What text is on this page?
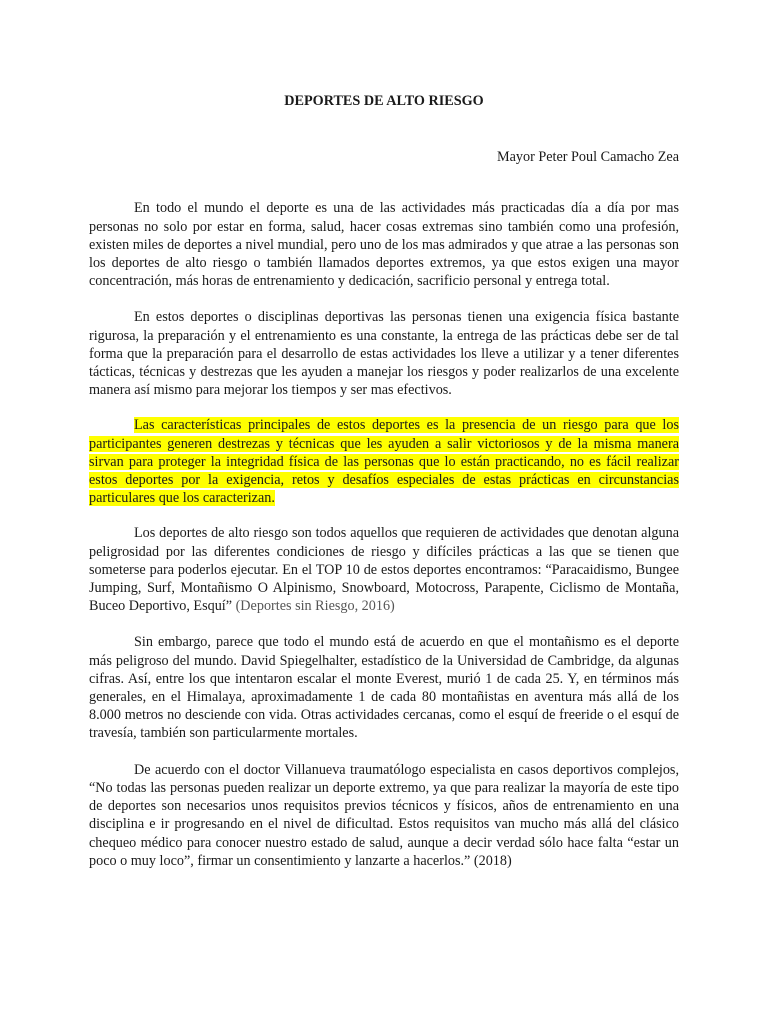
DEPORTES DE ALTO RIESGO

Mayor Peter Poul Camacho Zea

En todo el mundo el deporte es una de las actividades más practicadas día a día por mas personas no solo por estar en forma, salud, hacer cosas extremas sino también como una profesión, existen miles de deportes a nivel mundial, pero uno de los mas admirados y que atrae a las personas son los deportes de alto riesgo o también llamados deportes extremos, ya que estos exigen una mayor concentración, más horas de entrenamiento y dedicación, sacrificio personal y entrega total.

En estos deportes o disciplinas deportivas las personas tienen una exigencia física bastante rigurosa, la preparación y el entrenamiento es una constante, la entrega de las prácticas debe ser de tal forma que la preparación para el desarrollo de estas actividades los lleve a utilizar y a tener diferentes tácticas, técnicas y destrezas que les ayuden a manejar los riesgos y poder realizarlos de una excelente manera así mismo para mejorar los tiempos y ser mas efectivos.

Las características principales de estos deportes es la presencia de un riesgo para que los participantes generen destrezas y técnicas que les ayuden a salir victoriosos y de la misma manera sirvan para proteger la integridad física de las personas que lo están practicando, no es fácil realizar estos deportes por la exigencia, retos y desafíos especiales de estas prácticas en circunstancias particulares que los caracterizan.

Los deportes de alto riesgo son todos aquellos que requieren de actividades que denotan alguna peligrosidad por las diferentes condiciones de riesgo y difíciles prácticas a las que se tienen que someterse para poderlos ejecutar. En el TOP 10 de estos deportes encontramos: “Paracaidismo, Bungee Jumping, Surf, Montañismo O Alpinismo, Snowboard, Motocross, Parapente, Ciclismo de Montaña, Buceo Deportivo, Esquí” (Deportes sin Riesgo, 2016)

Sin embargo, parece que todo el mundo está de acuerdo en que el montañismo es el deporte más peligroso del mundo. David Spiegelhalter, estadístico de la Universidad de Cambridge, da algunas cifras. Así, entre los que intentaron escalar el monte Everest, murió 1 de cada 25. Y, en términos más generales, en el Himalaya, aproximadamente 1 de cada 80 montañistas en aventura más allá de los 8.000 metros no desciende con vida. Otras actividades cercanas, como el esquí de freeride o el esquí de travesía, también son particularmente mortales.

De acuerdo con el doctor Villanueva traumatólogo especialista en casos deportivos complejos, “No todas las personas pueden realizar un deporte extremo, ya que para realizar la mayoría de este tipo de deportes son necesarios unos requisitos previos técnicos y físicos, años de entrenamiento en una disciplina e ir progresando en el nivel de dificultad. Estos requisitos van mucho más allá del clásico chequeo médico para conocer nuestro estado de salud, aunque a decir verdad sólo hace falta “estar un poco o muy loco”, firmar un consentimiento y lanzarte a hacerlos.” (2018)
